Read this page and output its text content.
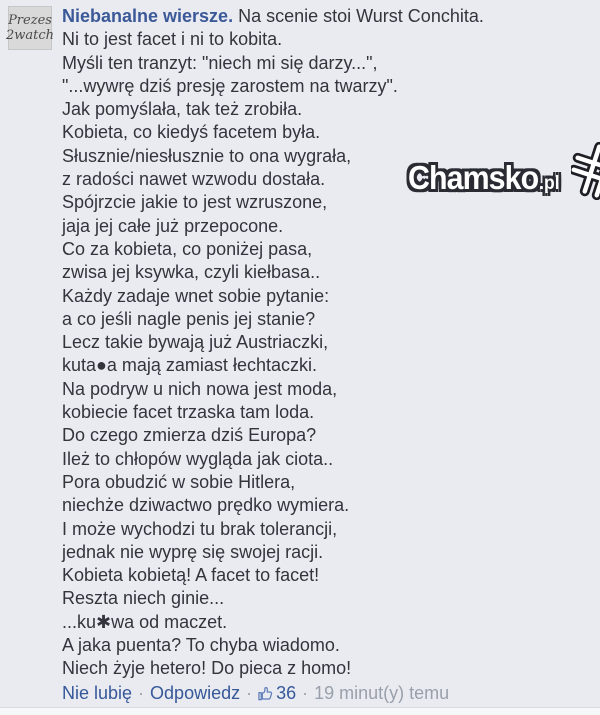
Prezes
2watch
Niebanalne wiersze. Na scenie stoi Wurst Conchita.
Ni to jest facet i ni to kobita.
Myśli ten tranzyt: "niech mi się darzy...",
"...wywrę dziś presję zarostem na twarzy".
Jak pomyślała, tak też zrobiła.
Kobieta, co kiedyś facetem była.
Słusznie/niesłusznie to ona wygrała,
z radości nawet wzwodu dostała.
Spójrzcie jakie to jest wzruszone,
jaja jej całe już przepocone.
Co za kobieta, co poniżej pasa,
zwisa jej ksywka, czyli kiełbasa..
Każdy zadaje wnet sobie pytanie:
a co jeśli nagle penis jej stanie?
Lecz takie bywają już Austriaczki,
kuta●a mają zamiast łechtaczki.
Na podryw u nich nowa jest moda,
kobiecie facet trzaska tam loda.
Do czego zmierza dziś Europa?
Ileż to chłopów wygląda jak ciota..
Pora obudzić w sobie Hitlera,
niechże dziwactwo prędko wymiera.
I może wychodzi tu brak tolerancji,
jednak nie wyprę się swojej racji.
Kobieta kobietą! A facet to facet!
Reszta niech ginie...
...ku✱wa od maczet.
A jaka puenta? To chyba wiadomo.
Niech żyje hetero! Do pieca z homo!
Nie lubię · Odpowiedz · 36 · 19 minut(y) temu
Chamsko .pl
